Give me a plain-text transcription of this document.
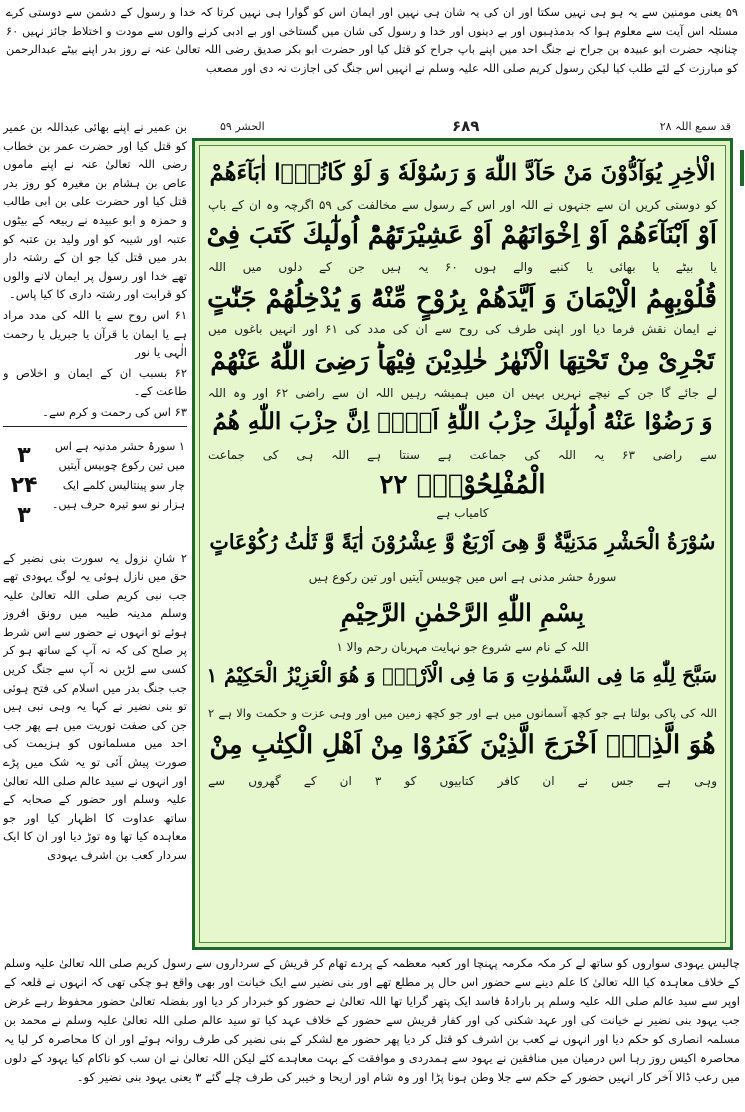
۵۹ یعنی مومنین سے یہ ہو ہی نہیں سکتا اور ان کی یہ شان ہی نہیں اور ایمان اس کو گوارا ہی نہیں کرتا کہ خدا و رسول کے دشمن سے دوستی کرے مسئلہ اس آیت سے معلوم ہوا کہ بدمذہبوں اور بے دینوں اور خدا و رسول کی شان میں گستاخی اور بے ادبی کرنے والوں سے مودت و اختلاط جائز نہیں ۶۰ چنانچہ حضرت ابو عبیدہ بن جراح نے جنگ احد میں اپنے باپ جراح کو قتل کیا اور حضرت ابو بکر صدیق رضی اللہ تعالیٰ عنہ نے روز بدر اپنے بیٹے عبدالرحمن کو مبارزت کے لئے طلب کیا لیکن رسول کریم صلی اللہ علیہ وسلم نے انہیں اس جنگ کی اجازت نہ دی اور مصعب

بن عمیر نے اپنے بھائی عبداللہ بن عمیر کو قتل کیا اور حضرت عمر بن خطاب رضی اللہ تعالیٰ عنہ نے اپنے ماموں عاص بن ہشام بن مغیرہ کو روز بدر قتل کیا اور حضرت علی بن ابی طالب و حمزہ و ابو عبیدہ نے ربیعہ کے بیٹوں عتبہ اور شیبہ کو اور ولید بن عتبہ کو بدر میں قتل کیا جو ان کے رشتہ دار تھے خدا اور رسول پر ایمان لانے والوں کو قرابت اور رشتہ داری کا کیا پاس۔

۶۱ اس روح سے یا اللہ کی مدد مراد ہے یا ایمان یا قرآن یا جبریل یا رحمت الٰہی یا نور

۶۲ بسبب ان کے ایمان و اخلاص و طاعت کے۔

۶۳ اس کی رحمت و کرم سے۔

۳
۲۴
۳
۱ سورۂ حشر مدنیہ ہے اس میں تین رکوع چوبیس آیتیں چار سو پینتالیس کلمے ایک ہزار نو سو تیرہ حرف ہیں۔

۲ شانِ نزول یہ سورت بنی نضیر کے حق میں نازل ہوئی یہ لوگ یہودی تھے جب نبی کریم صلی اللہ تعالیٰ علیہ وسلم مدینہ طیبہ میں رونق افروز ہوئے تو انہوں نے حضور سے اس شرط پر صلح کی کہ نہ آپ کے ساتھ ہو کر کسی سے لڑیں نہ آپ سے جنگ کریں جب جنگ بدر میں اسلام کی فتح ہوئی تو بنی نضیر نے کہا یہ وہی نبی ہیں جن کی صفت توریت میں ہے پھر جب احد میں مسلمانوں کو ہزیمت کی صورت پیش آئی تو یہ شک میں پڑے اور انہوں نے سید عالم صلی اللہ تعالیٰ علیہ وسلم اور حضور کے صحابہ کے ساتھ عداوت کا اظہار کیا اور جو معاہدہ کیا تھا وہ توڑ دیا اور ان کا ایک سردار کعب بن اشرف یہودی

قد سمع اللہ ۲۸
۶۸۹
الحشر ۵۹
الْاٰخِرِ یُوَآدُّوْنَ مَنْ حَآدَّ اللّٰهَ وَ رَسُوْلَهٗ وَ لَوْ كَانُوْۤا اٰبَآءَهُمْ
کو دوستی کریں ان سے جنہوں نے اللہ اور اس کے رسول سے مخالفت کی ۵۹ اگرچہ وہ ان کے باپ
اَوْ اَبْنَآءَهُمْ اَوْ اِخْوَانَهُمْ اَوْ عَشِیْرَتَهُمْؕ اُولٰٓىٕكَ كَتَبَ فِیْ
یا بیٹے یا بھائی یا کنبے والے ہوں ۶۰ یہ ہیں جن کے دلوں میں اللہ
قُلُوْبِهِمُ الْاِیْمَانَ وَ اَیَّدَهُمْ بِرُوْحٍ مِّنْهُؕ وَ یُدْخِلُهُمْ جَنّٰتٍ
نے ایمان نقش فرما دیا اور اپنی طرف کی روح سے ان کی مدد کی ۶۱ اور انہیں باغوں میں
تَجْرِیْ مِنْ تَحْتِهَا الْاَنْهٰرُ خٰلِدِیْنَ فِیْهَاؕ رَضِیَ اللّٰهُ عَنْهُمْ
لے جائے گا جن کے نیچے نہریں بہیں ان میں ہمیشہ رہیں اللہ ان سے راضی ۶۲ اور وہ اللہ
وَ رَضُوْا عَنْهُؕ اُولٰٓىٕكَ حِزْبُ اللّٰهِؕ اَلَاۤ اِنَّ حِزْبَ اللّٰهِ هُمُ
سے راضی ۶۳ یہ اللہ کی جماعت ہے سنتا ہے اللہ ہی کی جماعت
الْمُفْلِحُوْنَ۠ ۲۲
کامیاب ہے
سُوْرَةُ الْحَشْرِ مَدَنِیَّةٌ وَّ هِیَ اَرْبَعٌ وَّ عِشْرُوْنَ اٰیَةً وَّ ثَلٰثُ رُكُوْعَاتٍ
سورۂ حشر مدنی ہے اس میں چوبیس آیتیں اور تین رکوع ہیں
بِسْمِ اللّٰهِ الرَّحْمٰنِ الرَّحِیْمِ
اللہ کے نام سے شروع جو نہایت مہربان رحم والا ۱
سَبَّحَ لِلّٰهِ مَا فِی السَّمٰوٰتِ وَ مَا فِی الْاَرْضِۚ وَ هُوَ الْعَزِیْزُ الْحَكِیْمُ ۱
اللہ کی پاکی بولتا ہے جو کچھ آسمانوں میں ہے اور جو کچھ زمین میں اور وہی عزت و حکمت والا ہے ۲
هُوَ الَّذِیْۤ اَخْرَجَ الَّذِیْنَ كَفَرُوْا مِنْ اَهْلِ الْكِتٰبِ مِنْ
وہی ہے جس نے ان کافر کتابیوں کو ۳ ان کے گھروں سے

چالیس یہودی سواروں کو ساتھ لے کر مکہ مکرمہ پہنچا اور کعبہ معظمہ کے پردے تھام کر قریش کے سرداروں سے رسول کریم صلی اللہ تعالیٰ علیہ وسلم کے خلاف معاہدہ کیا اللہ تعالیٰ کا علم دینے سے حضور اس حال پر مطلع تھے اور بنی نضیر سے ایک خیانت اور بھی واقع ہو چکی تھی کہ انہوں نے قلعہ کے اوپر سے سید عالم صلی اللہ علیہ وسلم پر بارادۂ فاسد ایک پتھر گرایا تھا اللہ تعالیٰ نے حضور کو خبردار کر دیا اور بفضلہ تعالیٰ حضور محفوظ رہے غرض جب یہود بنی نضیر نے خیانت کی اور عہد شکنی کی اور کفار قریش سے حضور کے خلاف عہد کیا تو سید عالم صلی اللہ تعالیٰ علیہ وسلم نے محمد بن مسلمہ انصاری کو حکم دیا اور انہوں نے کعب بن اشرف کو قتل کر دیا پھر حضور مع لشکر کے بنی نضیر کی طرف روانہ ہوئے اور ان کا محاصرہ کر لیا یہ محاصرہ اکیس روز رہا اس درمیان میں منافقین نے یہود سے ہمدردی و موافقت کے بہت معاہدے کئے لیکن اللہ تعالیٰ نے ان سب کو ناکام کیا یہود کے دلوں میں رعب ڈالا آخر کار انہیں حضور کے حکم سے جلا وطن ہونا پڑا اور وہ شام اور اریحا و خیبر کی طرف چلے گئے ۳ یعنی یہود بنی نضیر کو۔
